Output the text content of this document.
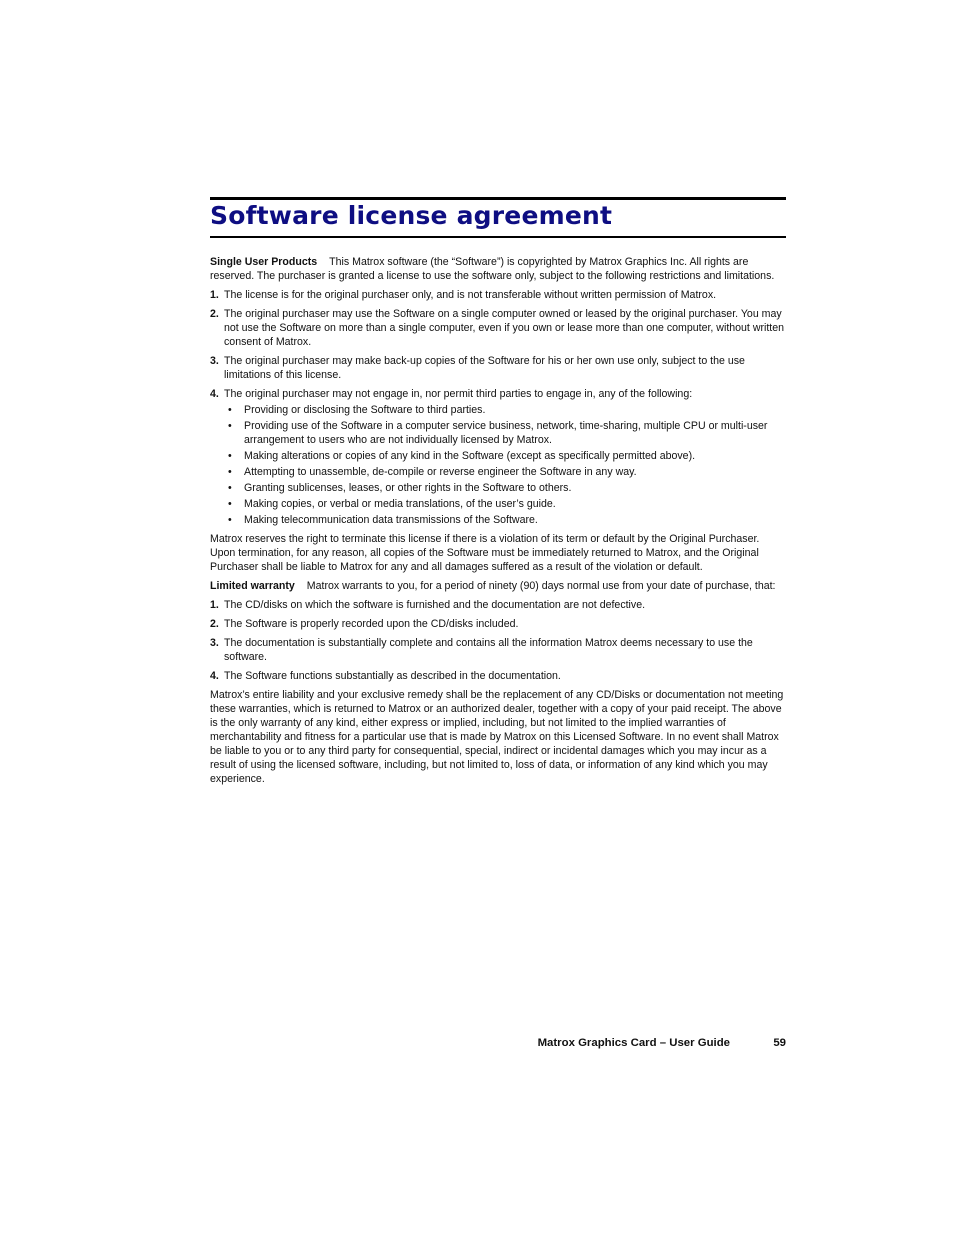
Software license agreement

Single User Products This Matrox software (the “Software”) is copyrighted by Matrox Graphics Inc. All rights are reserved. The purchaser is granted a license to use the software only, subject to the following restrictions and limitations.

1. The license is for the original purchaser only, and is not transferable without written permission of Matrox.
2. The original purchaser may use the Software on a single computer owned or leased by the original purchaser. You may not use the Software on more than a single computer, even if you own or lease more than one computer, without written consent of Matrox.
3. The original purchaser may make back-up copies of the Software for his or her own use only, subject to the use limitations of this license.
4. The original purchaser may not engage in, nor permit third parties to engage in, any of the following:
• Providing or disclosing the Software to third parties.
• Providing use of the Software in a computer service business, network, time-sharing, multiple CPU or multi-user arrangement to users who are not individually licensed by Matrox.
• Making alterations or copies of any kind in the Software (except as specifically permitted above).
• Attempting to unassemble, de-compile or reverse engineer the Software in any way.
• Granting sublicenses, leases, or other rights in the Software to others.
• Making copies, or verbal or media translations, of the user’s guide.
• Making telecommunication data transmissions of the Software.

Matrox reserves the right to terminate this license if there is a violation of its term or default by the Original Purchaser. Upon termination, for any reason, all copies of the Software must be immediately returned to Matrox, and the Original Purchaser shall be liable to Matrox for any and all damages suffered as a result of the violation or default.

Limited warranty Matrox warrants to you, for a period of ninety (90) days normal use from your date of purchase, that:

1. The CD/disks on which the software is furnished and the documentation are not defective.
2. The Software is properly recorded upon the CD/disks included.
3. The documentation is substantially complete and contains all the information Matrox deems necessary to use the software.
4. The Software functions substantially as described in the documentation.

Matrox’s entire liability and your exclusive remedy shall be the replacement of any CD/Disks or documentation not meeting these warranties, which is returned to Matrox or an authorized dealer, together with a copy of your paid receipt. The above is the only warranty of any kind, either express or implied, including, but not limited to the implied warranties of merchantability and fitness for a particular use that is made by Matrox on this Licensed Software. In no event shall Matrox be liable to you or to any third party for consequential, special, indirect or incidental damages which you may incur as a result of using the licensed software, including, but not limited to, loss of data, or information of any kind which you may experience.

Matrox Graphics Card – User Guide	59
